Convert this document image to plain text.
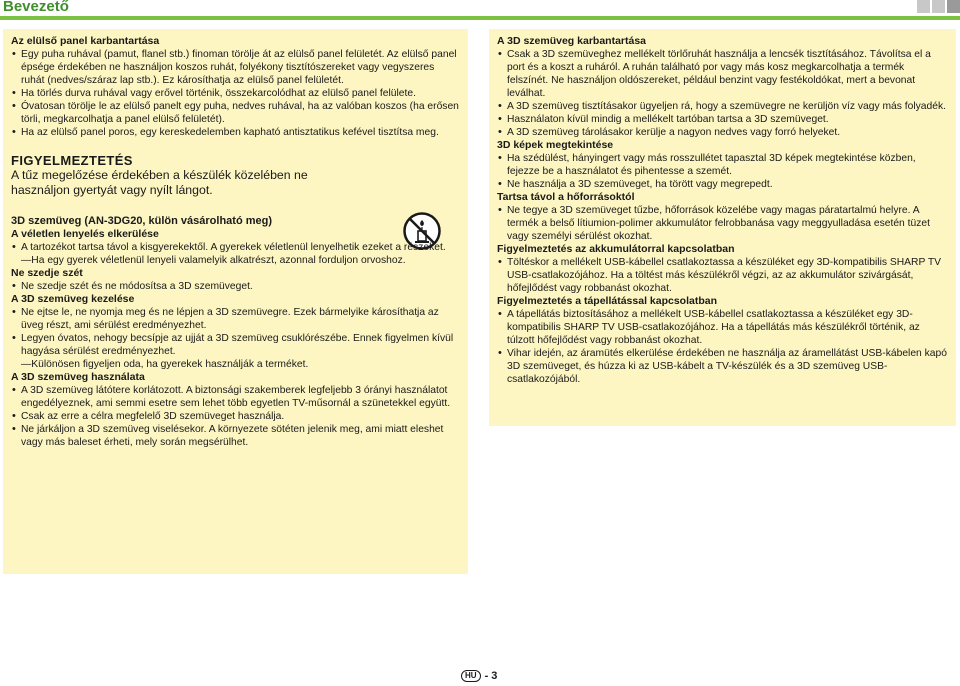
Bevezető
Az elülső panel karbantartása
• Egy puha ruhával (pamut, flanel stb.) finoman törölje át az elülső panel felületét. Az elülső panel épsége érdekében ne használjon koszos ruhát, folyékony tisztítószereket vagy vegyszeres ruhát (nedves/száraz lap stb.). Ez károsíthatja az elülső panel felületét.
• Ha törlés durva ruhával vagy erővel történik, összekarcolódhat az elülső panel felülete.
• Óvatosan törölje le az elülső panelt egy puha, nedves ruhával, ha az valóban koszos (ha erősen törli, megkarcolhatja a panel elülső felületét).
• Ha az elülső panel poros, egy kereskedelemben kapható antisztatikus kefével tisztítsa meg.
FIGYELMEZTETÉS
A tűz megelőzése érdekében a készülék közelében ne használjon gyertyát vagy nyílt lángot.
3D szemüveg (AN-3DG20, külön vásárolható meg)
A véletlen lenyelés elkerülése
• A tartozékot tartsa távol a kisgyerekektől. A gyerekek véletlenül lenyelhetik ezeket a részeket.
—Ha egy gyerek véletlenül lenyeli valamelyik alkatrészt, azonnal forduljon orvoshoz.
Ne szedje szét
• Ne szedje szét és ne módosítsa a 3D szemüveget.
A 3D szemüveg kezelése
• Ne ejtse le, ne nyomja meg és ne lépjen a 3D szemüvegre. Ezek bármelyike károsíthatja az üveg részt, ami sérülést eredményezhet.
• Legyen óvatos, nehogy becsípje az ujját a 3D szemüveg csuklórészébe. Ennek figyelmen kívül hagyása sérülést eredményezhet.
—Különösen figyeljen oda, ha gyerekek használják a terméket.
A 3D szemüveg használata
• A 3D szemüveg látótere korlátozott. A biztonsági szakemberek legfeljebb 3 órányi használatot engedélyeznek, ami semmi esetre sem lehet több egyetlen TV-műsornál a szünetekkel együtt.
• Csak az erre a célra megfelelő 3D szemüveget használja.
• Ne járkáljon a 3D szemüveg viselésekor. A környezete sötéten jelenik meg, ami miatt eleshet vagy más baleset érheti, mely során megsérülhet.
A 3D szemüveg karbantartása
• Csak a 3D szemüveghez mellékelt törlőruhát használja a lencsék tisztításához. Távolítsa el a port és a koszt a ruháról. A ruhán található por vagy más kosz megkarcolhatja a termék felszínét. Ne használjon oldószereket, például benzint vagy festékoldókat, mert a bevonat leválhat.
• A 3D szemüveg tisztításakor ügyeljen rá, hogy a szemüvegre ne kerüljön víz vagy más folyadék.
• Használaton kívül mindig a mellékelt tartóban tartsa a 3D szemüveget.
• A 3D szemüveg tárolásakor kerülje a nagyon nedves vagy forró helyeket.
3D képek megtekintése
• Ha szédülést, hányingert vagy más rosszullétet tapasztal 3D képek megtekintése közben, fejezze be a használatot és pihentesse a szemét.
• Ne használja a 3D szemüveget, ha törött vagy megrepedt.
Tartsa távol a hőforrásoktól
• Ne tegye a 3D szemüveget tűzbe, hőforrások közelébe vagy magas páratartalmú helyre. A termék a belső lítiumion-polimer akkumulátor felrobbanása vagy meggyulladása esetén tüzet vagy személyi sérülést okozhat.
Figyelmeztetés az akkumulátorral kapcsolatban
• Töltéskor a mellékelt USB-kábellel csatlakoztassa a készüléket egy 3D-kompatibilis SHARP TV USB-csatlakozójához. Ha a töltést más készülékről végzi, az az akkumulátor szivárgását, hőfejlődést vagy robbanást okozhat.
Figyelmeztetés a tápellátással kapcsolatban
• A tápellátás biztosításához a mellékelt USB-kábellel csatlakoztassa a készüléket egy 3D-kompatibilis SHARP TV USB-csatlakozójához. Ha a tápellátás más készülékről történik, az túlzott hőfejlődést vagy robbanást okozhat.
• Vihar idején, az áramütés elkerülése érdekében ne használja az áramellátást USB-kábelen kapó 3D szemüveget, és húzza ki az USB-kábelt a TV-készülék és a 3D szemüveg USB-csatlakozójából.
HU - 3
